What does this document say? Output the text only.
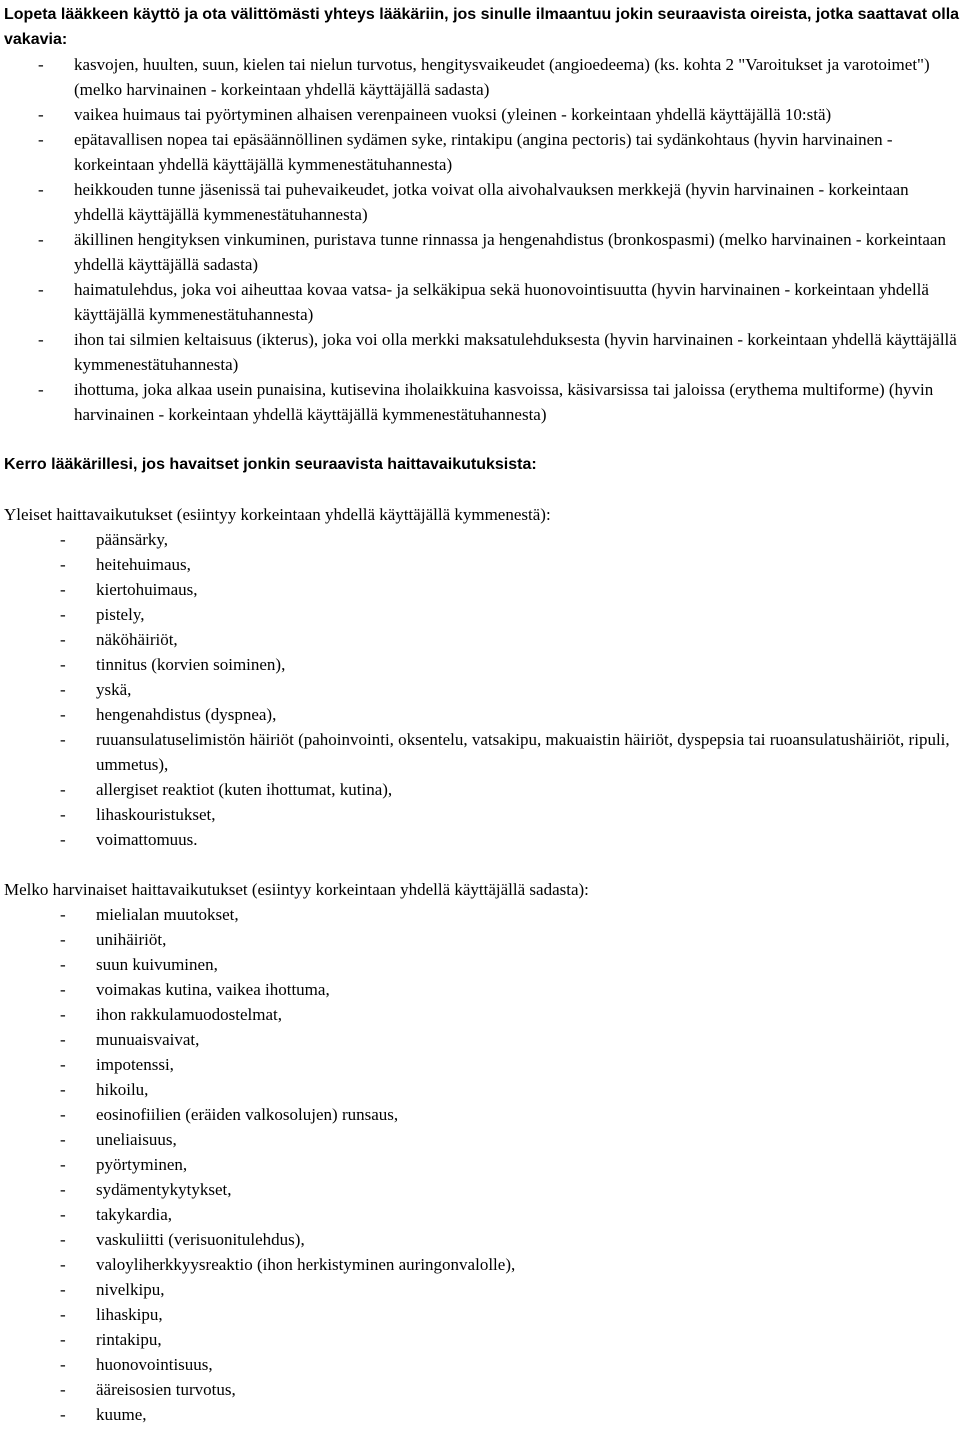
Lopeta lääkkeen käyttö ja ota välittömästi yhteys lääkäriin, jos sinulle ilmaantuu jokin seuraavista oireista, jotka saattavat olla vakavia:

- kasvojen, huulten, suun, kielen tai nielun turvotus, hengitysvaikeudet (angioedeema) (ks. kohta 2 "Varoitukset ja varotoimet") (melko harvinainen - korkeintaan yhdellä käyttäjällä sadasta)
- vaikea huimaus tai pyörtyminen alhaisen verenpaineen vuoksi (yleinen - korkeintaan yhdellä käyttäjällä 10:stä)
- epätavallisen nopea tai epäsäännöllinen sydämen syke, rintakipu (angina pectoris) tai sydänkohtaus (hyvin harvinainen - korkeintaan yhdellä käyttäjällä kymmenestätuhannesta)
- heikkouden tunne jäsenissä tai puhevaikeudet, jotka voivat olla aivohalvauksen merkkejä (hyvin harvinainen - korkeintaan yhdellä käyttäjällä kymmenestätuhannesta)
- äkillinen hengityksen vinkuminen, puristava tunne rinnassa ja hengenahdistus (bronkospasmi) (melko harvinainen - korkeintaan yhdellä käyttäjällä sadasta)
- haimatulehdus, joka voi aiheuttaa kovaa vatsa- ja selkäkipua sekä huonovointisuutta (hyvin harvinainen - korkeintaan yhdellä käyttäjällä kymmenestätuhannesta)
- ihon tai silmien keltaisuus (ikterus), joka voi olla merkki maksatulehduksesta (hyvin harvinainen - korkeintaan yhdellä käyttäjällä kymmenestätuhannesta)
- ihottuma, joka alkaa usein punaisina, kutisevina iholaikkuina kasvoissa, käsivarsissa tai jaloissa (erythema multiforme) (hyvin harvinainen - korkeintaan yhdellä käyttäjällä kymmenestätuhannesta)

Kerro lääkärillesi, jos havaitset jonkin seuraavista haittavaikutuksista:

Yleiset haittavaikutukset (esiintyy korkeintaan yhdellä käyttäjällä kymmenestä):

- päänsärky,
- heitehuimaus,
- kiertohuimaus,
- pistely,
- näköhäiriöt,
- tinnitus (korvien soiminen),
- yskä,
- hengenahdistus (dyspnea),
- ruuansulatuselimistön häiriöt (pahoinvointi, oksentelu, vatsakipu, makuaistin häiriöt, dyspepsia tai ruoansulatushäiriöt, ripuli, ummetus),
- allergiset reaktiot (kuten ihottumat, kutina),
- lihaskouristukset,
- voimattomuus.

Melko harvinaiset haittavaikutukset (esiintyy korkeintaan yhdellä käyttäjällä sadasta):

- mielialan muutokset,
- unihäiriöt,
- suun kuivuminen,
- voimakas kutina, vaikea ihottuma,
- ihon rakkulamuodostelmat,
- munuaisvaivat,
- impotenssi,
- hikoilu,
- eosinofiilien (eräiden valkosolujen) runsaus,
- uneliaisuus,
- pyörtyminen,
- sydämentykytykset,
- takykardia,
- vaskuliitti (verisuonitulehdus),
- valoyliherkkyysreaktio (ihon herkistyminen auringonvalolle),
- nivelkipu,
- lihaskipu,
- rintakipu,
- huonovointisuus,
- ääreisosien turvotus,
- kuume,
